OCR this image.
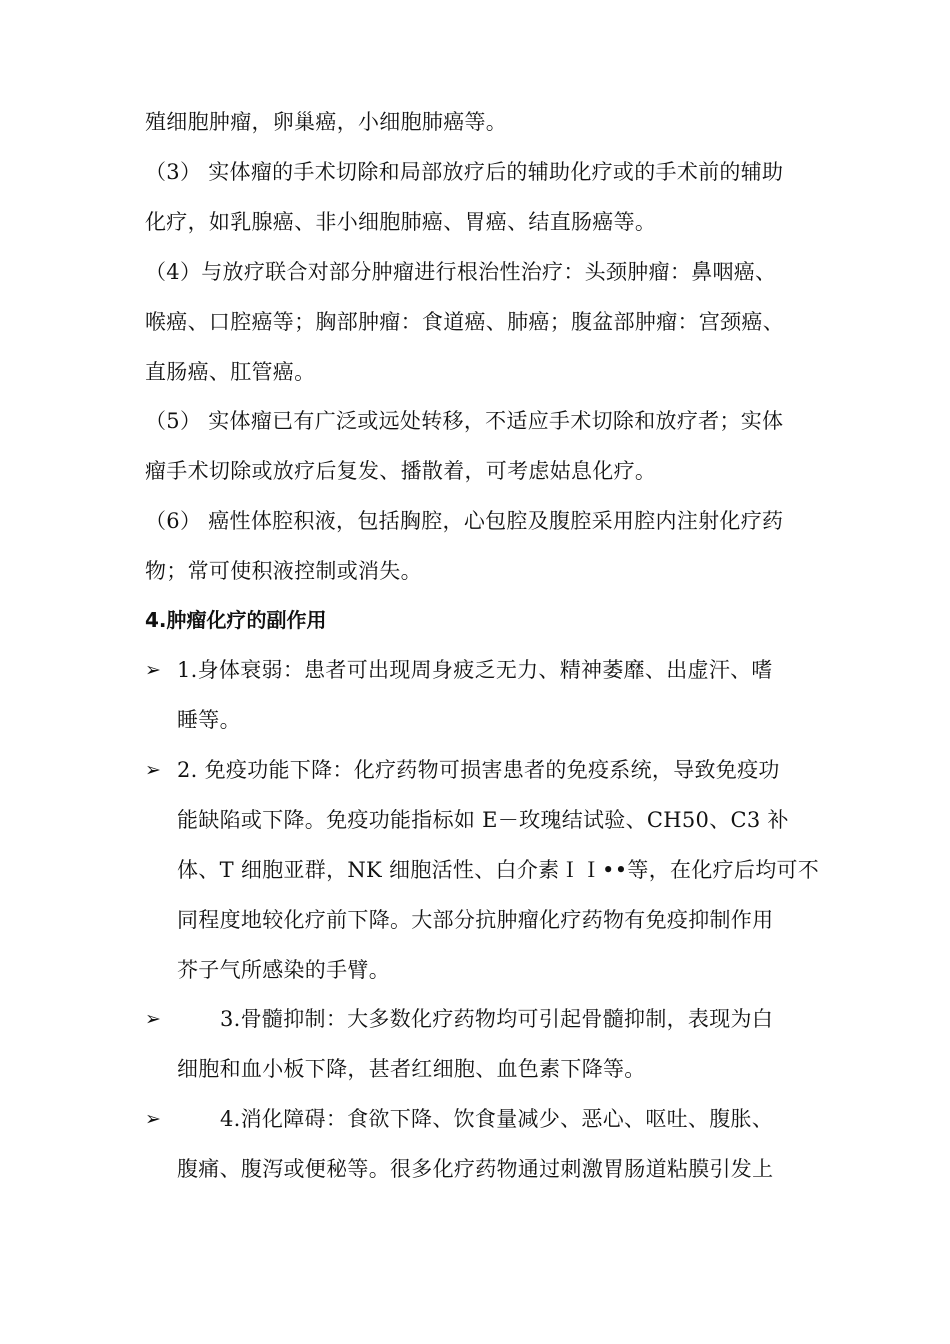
殖细胞肿瘤，卵巢癌，小细胞肺癌等。
（3） 实体瘤的手术切除和局部放疗后的辅助化疗或的手术前的辅助
化疗，如乳腺癌、非小细胞肺癌、胃癌、结直肠癌等。
（4）与放疗联合对部分肿瘤进行根治性治疗：头颈肿瘤：鼻咽癌、
喉癌、口腔癌等；胸部肿瘤：食道癌、肺癌；腹盆部肿瘤：宫颈癌、
直肠癌、肛管癌。
（5） 实体瘤已有广泛或远处转移，不适应手术切除和放疗者；实体
瘤手术切除或放疗后复发、播散着，可考虑姑息化疗。
（6） 癌性体腔积液，包括胸腔，心包腔及腹腔采用腔内注射化疗药
物；常可使积液控制或消失。
4.肿瘤化疗的副作用
➢ 1.身体衰弱：患者可出现周身疲乏无力、精神萎靡、出虚汗、嗜
睡等。
➢ 2. 免疫功能下降：化疗药物可损害患者的免疫系统，导致免疫功
能缺陷或下降。免疫功能指标如 E－玫瑰结试验、CH50、C3 补
体、T 细胞亚群，NK 细胞活性、白介素ＩＩ••等，在化疗后均可不
同程度地较化疗前下降。大部分抗肿瘤化疗药物有免疫抑制作用
芥子气所感染的手臂。
➢	3.骨髓抑制：大多数化疗药物均可引起骨髓抑制，表现为白
细胞和血小板下降，甚者红细胞、血色素下降等。
➢	4.消化障碍：食欲下降、饮食量减少、恶心、呕吐、腹胀、
腹痛、腹泻或便秘等。很多化疗药物通过刺激胃肠道粘膜引发上
